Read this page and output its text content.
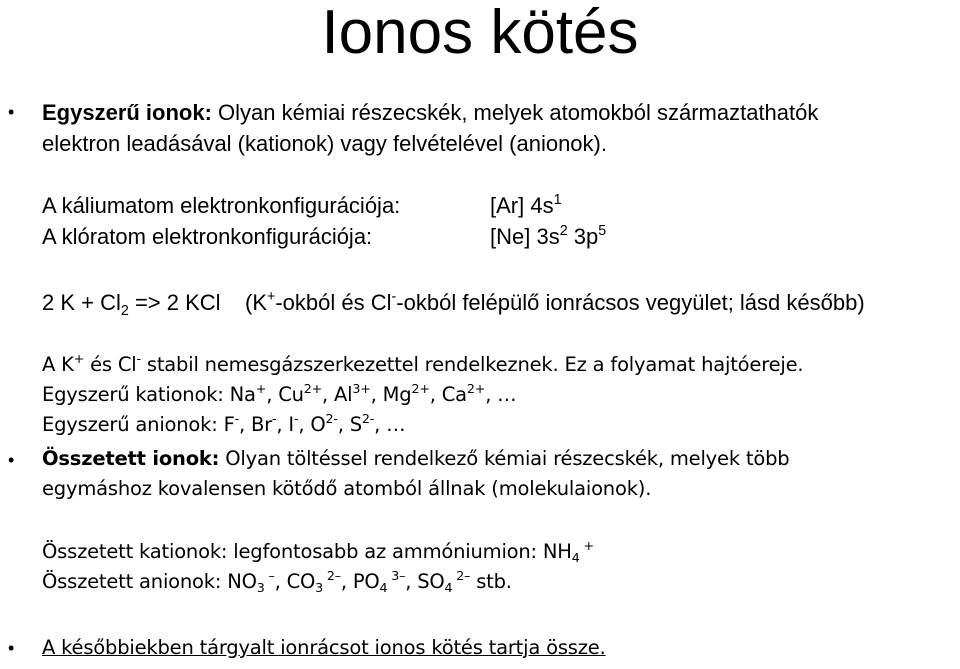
Ionos kötés
• Egyszerű ionok: Olyan kémiai részecskék, melyek atomokból származtathatók
elektron leadásával (kationok) vagy felvételével (anionok).
A káliumatom elektronkonfigurációja:	[Ar] $4s^1$
A klóratom elektronkonfigurációja:	[Ne] $3s^2$ $3p^5$
2 $K + Cl_2 => 2$ KCl (K+-okból és Cl--okból felépülő ionrácsos vegyület; lásd később)
A K+ és Cl- stabil nemesgázszerkezettel rendelkeznek. Ez a folyamat hajtóereje.
Egyszerű kationok: Na+, $Cu^{2+}$, $Al^{3+}$, $Mg^{2+}$, $Ca^{2+}$, …
Egyszerű anionok: F-, Br-, I-, $O^{2-}$, $S^{2-}$, …
• Összetett ionok: Olyan töltéssel rendelkező kémiai részecskék, melyek több
egymáshoz kovalensen kötődő atomból állnak (molekulaionok).
Összetett kationok: legfontosabb az ammóniumion: $NH_4$ +
Összetett anionok: $NO_3$ –, $CO_3$ $^{2-}$, $PO_4$ $^{3-}$, $SO_4$ $^{2-}$ stb.
• A későbbiekben tárgyalt ionrácsot ionos kötés tartja össze.
